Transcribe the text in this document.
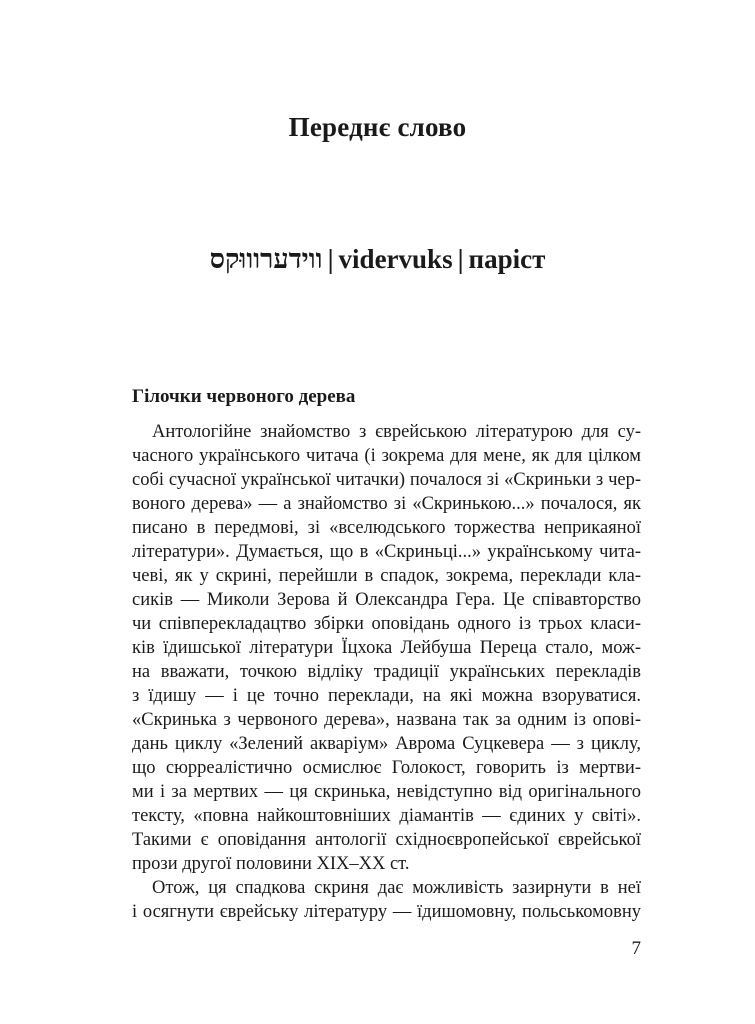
Переднє слово
ווידערוווּקס | vidervuks | паріст
Гілочки червоного дерева
Антологійне знайомство з єврейською літературою для су-
часного українського читача (і зокрема для мене, як для цілком
собі сучасної української читачки) почалося зі «Скриньки з чер-
воного дерева» — а знайомство зі «Скринькою...» почалося, як
писано в передмові, зі «вселюдського торжества неприкаяної
літератури». Думається, що в «Скриньці...» українському чита-
чеві, як у скрині, перейшли в спадок, зокрема, переклади кла-
сиків — Миколи Зерова й Олександра Гера. Це співавторство
чи співперекладацтво збірки оповідань одного із трьох класи-
ків їдишської літератури Їцхока Лейбуша Переца стало, мож-
на вважати, точкою відліку традиції українських перекладів
з їдишу — і це точно переклади, на які можна взоруватися.
«Скринька з червоного дерева», названа так за одним із опові-
дань циклу «Зелений акваріум» Аврома Суцкевера — з циклу,
що сюрреалістично осмислює Голокост, говорить із мертви-
ми і за мертвих — ця скринька, невідступно від оригінального
тексту, «повна найкоштовніших діамантів — єдиних у світі».
Такими є оповідання антології східноєвропейської єврейської
прози другої половини XIX–XX ст.
Отож, ця спадкова скриня дає можливість зазирнути в неї
і осягнути єврейську літературу — їдишомовну, польськомовну
7
